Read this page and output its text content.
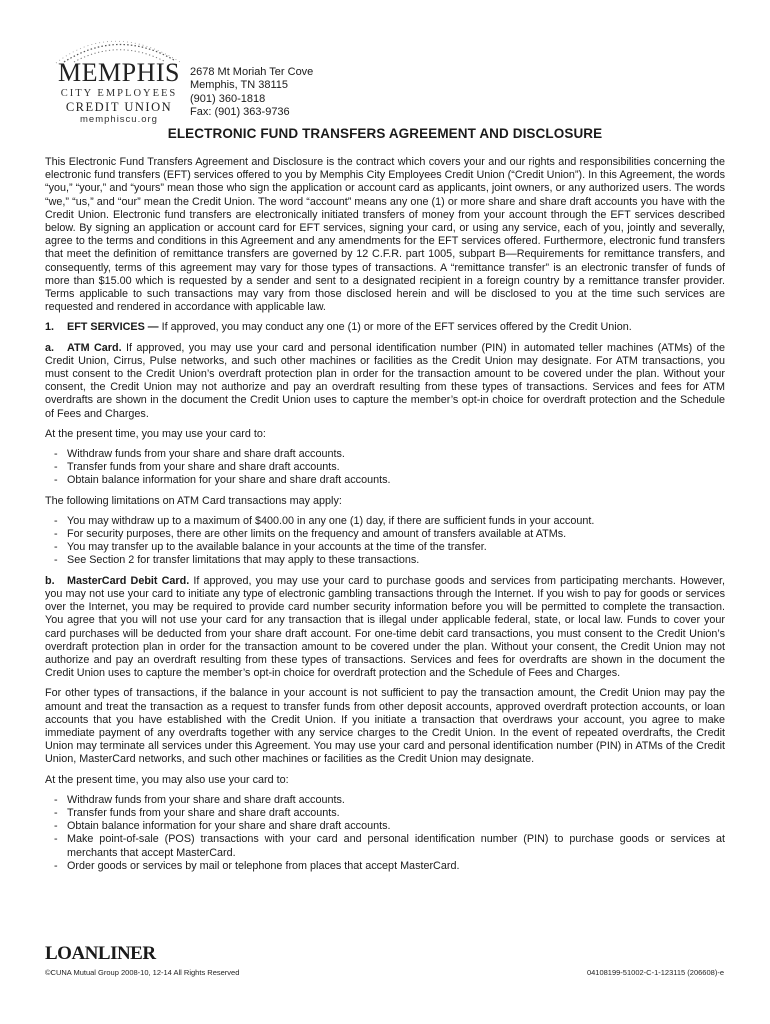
MEMPHIS
CITY EMPLOYEES
CREDIT UNION
memphiscu.org
2678 Mt Moriah Ter Cove
Memphis, TN 38115
(901) 360-1818
Fax: (901) 363-9736
ELECTRONIC FUND TRANSFERS AGREEMENT AND DISCLOSURE

This Electronic Fund Transfers Agreement and Disclosure is the contract which covers your and our rights and responsibilities concerning the electronic fund transfers (EFT) services offered to you by Memphis City Employees Credit Union (“Credit Union”). In this Agreement, the words “you,” “your,” and “yours” mean those who sign the application or account card as applicants, joint owners, or any authorized users. The words “we,” “us,” and “our” mean the Credit Union. The word “account” means any one (1) or more share and share draft accounts you have with the Credit Union. Electronic fund transfers are electronically initiated transfers of money from your account through the EFT services described below. By signing an application or account card for EFT services, signing your card, or using any service, each of you, jointly and severally, agree to the terms and conditions in this Agreement and any amendments for the EFT services offered. Furthermore, electronic fund transfers that meet the definition of remittance transfers are governed by 12 C.F.R. part 1005, subpart B—Requirements for remittance transfers, and consequently, terms of this agreement may vary for those types of transactions. A “remittance transfer” is an electronic transfer of funds of more than $15.00 which is requested by a sender and sent to a designated recipient in a foreign country by a remittance transfer provider. Terms applicable to such transactions may vary from those disclosed herein and will be disclosed to you at the time such services are requested and rendered in accordance with applicable law.

1. EFT SERVICES — If approved, you may conduct any one (1) or more of the EFT services offered by the Credit Union.

a. ATM Card. If approved, you may use your card and personal identification number (PIN) in automated teller machines (ATMs) of the Credit Union, Cirrus, Pulse networks, and such other machines or facilities as the Credit Union may designate. For ATM transactions, you must consent to the Credit Union’s overdraft protection plan in order for the transaction amount to be covered under the plan. Without your consent, the Credit Union may not authorize and pay an overdraft resulting from these types of transactions. Services and fees for ATM overdrafts are shown in the document the Credit Union uses to capture the member’s opt-in choice for overdraft protection and the Schedule of Fees and Charges.

At the present time, you may use your card to:

- Withdraw funds from your share and share draft accounts.
- Transfer funds from your share and share draft accounts.
- Obtain balance information for your share and share draft accounts.

The following limitations on ATM Card transactions may apply:

- You may withdraw up to a maximum of $400.00 in any one (1) day, if there are sufficient funds in your account.
- For security purposes, there are other limits on the frequency and amount of transfers available at ATMs.
- You may transfer up to the available balance in your accounts at the time of the transfer.
- See Section 2 for transfer limitations that may apply to these transactions.

b. MasterCard Debit Card. If approved, you may use your card to purchase goods and services from participating merchants. However, you may not use your card to initiate any type of electronic gambling transactions through the Internet. If you wish to pay for goods or services over the Internet, you may be required to provide card number security information before you will be permitted to complete the transaction. You agree that you will not use your card for any transaction that is illegal under applicable federal, state, or local law. Funds to cover your card purchases will be deducted from your share draft account. For one-time debit card transactions, you must consent to the Credit Union’s overdraft protection plan in order for the transaction amount to be covered under the plan. Without your consent, the Credit Union may not authorize and pay an overdraft resulting from these types of transactions. Services and fees for overdrafts are shown in the document the Credit Union uses to capture the member’s opt-in choice for overdraft protection and the Schedule of Fees and Charges.

For other types of transactions, if the balance in your account is not sufficient to pay the transaction amount, the Credit Union may pay the amount and treat the transaction as a request to transfer funds from other deposit accounts, approved overdraft protection accounts, or loan accounts that you have established with the Credit Union. If you initiate a transaction that overdraws your account, you agree to make immediate payment of any overdrafts together with any service charges to the Credit Union. In the event of repeated overdrafts, the Credit Union may terminate all services under this Agreement. You may use your card and personal identification number (PIN) in ATMs of the Credit Union, MasterCard networks, and such other machines or facilities as the Credit Union may designate.

At the present time, you may also use your card to:

- Withdraw funds from your share and share draft accounts.
- Transfer funds from your share and share draft accounts.
- Obtain balance information for your share and share draft accounts.
- Make point-of-sale (POS) transactions with your card and personal identification number (PIN) to purchase goods or services at merchants that accept MasterCard.
- Order goods or services by mail or telephone from places that accept MasterCard.
LOANLINER
©CUNA Mutual Group 2008-10, 12-14 All Rights Reserved	04108199-51002-C-1-123115 (206608)-e
